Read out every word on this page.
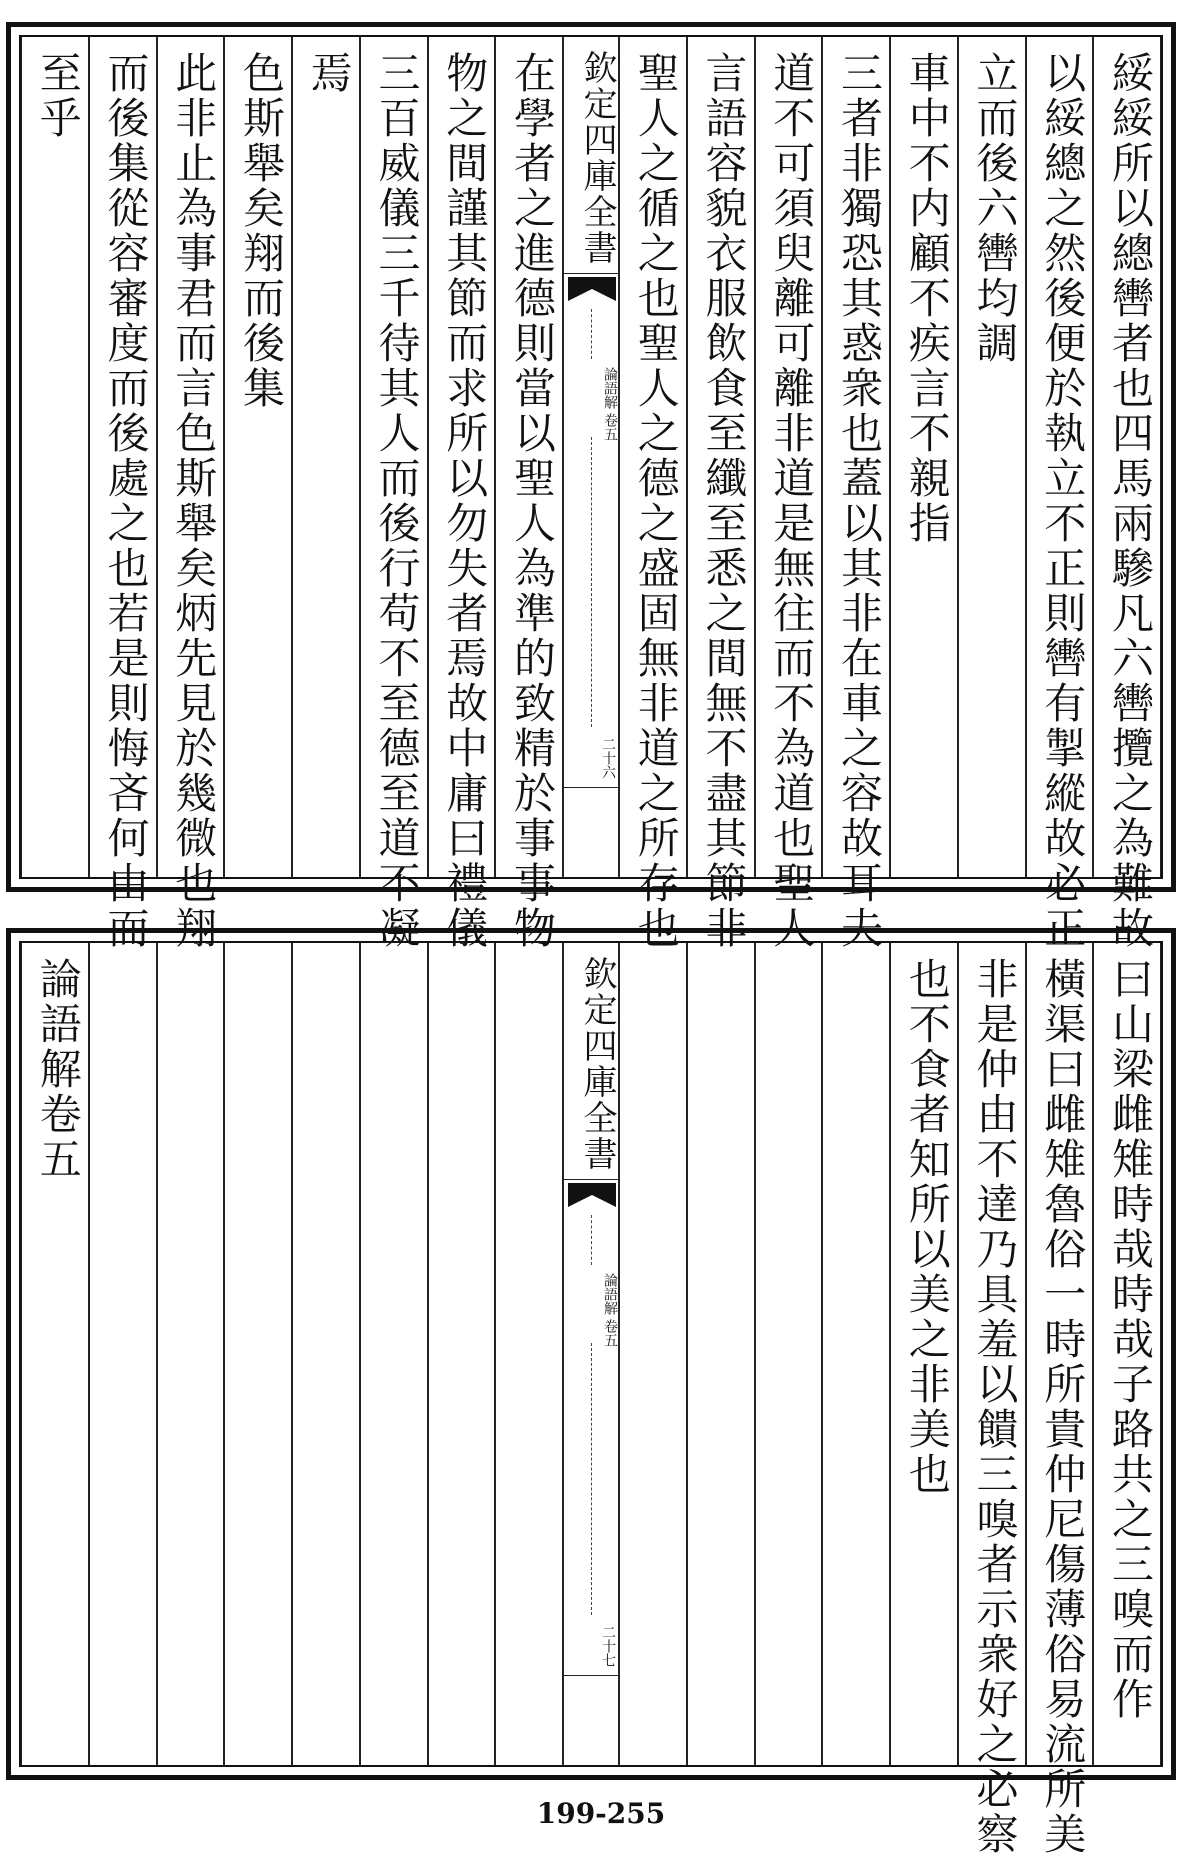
綏綏所以總轡者也四馬兩驂凡六轡攬之為難故
以綏總之然後便於執立不正則轡有掣縱故必正
立而後六轡均調
車中不内顧不疾言不親指
三者非獨恐其惑衆也蓋以其非在車之容故耳夫
道不可須臾離可離非道是無往而不為道也聖人
言語容貌衣服飲食至纖至悉之間無不盡其節非
聖人之循之也聖人之德之盛固無非道之所存也
在學者之進德則當以聖人為準的致精於事事物
物之間謹其節而求所以勿失者焉故中庸曰禮儀
三百威儀三千待其人而後行苟不至德至道不凝
焉
色斯舉矣翔而後集
此非止為事君而言色斯舉矣炳先見於幾微也翔
而後集從容審度而後處之也若是則悔吝何由而
至乎	欽定四庫全書
論語解
卷五
二十六
曰山梁雌雉時哉時哉子路共之三嗅而作
橫渠曰雌雉魯俗一時所貴仲尼傷薄俗易流所美
非是仲由不達乃具羞以饋三嗅者示衆好之必察
也不食者知所以美之非美也
論語解卷五	欽定四庫全書
論語解
卷五
二十七
199-255
